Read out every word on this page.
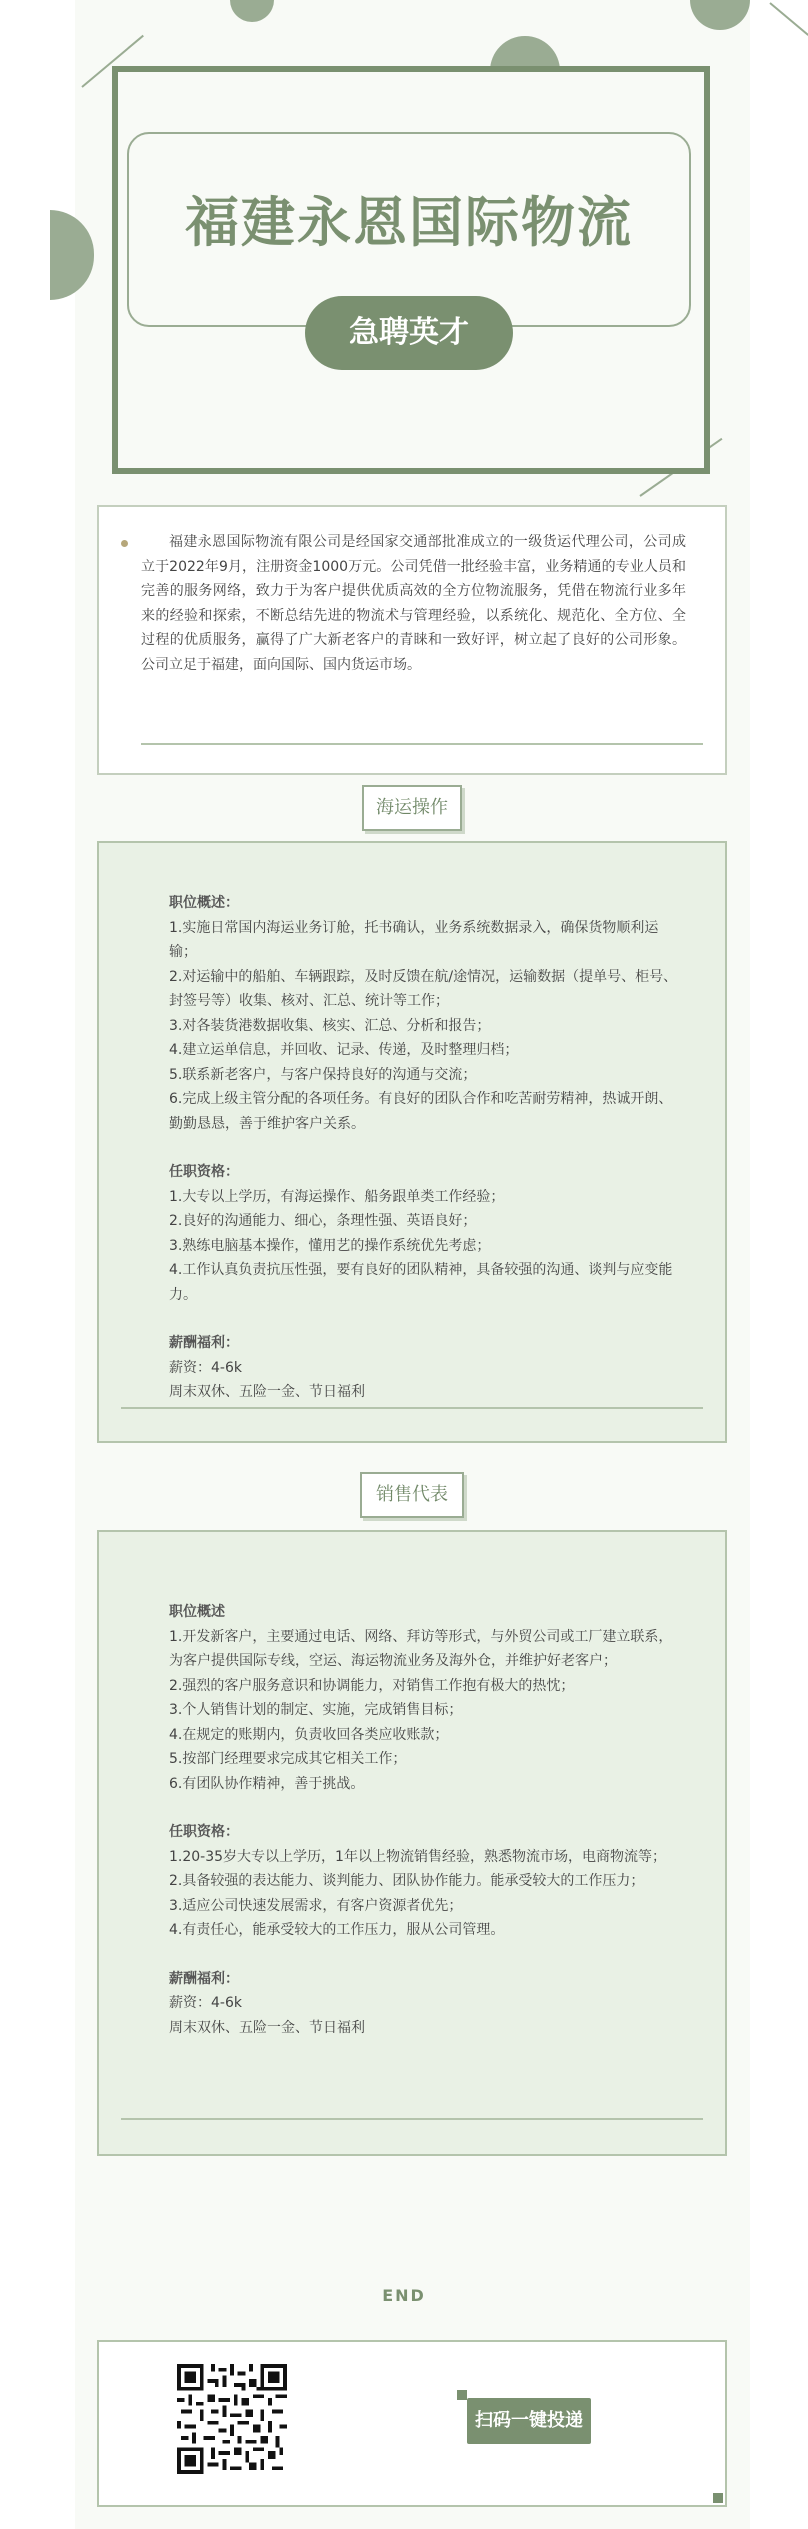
福建永恩国际物流
急聘英才
福建永恩国际物流有限公司是经国家交通部批准成立的一级货运代理公司，公司成立于2022年9月，注册资金1000万元。公司凭借一批经验丰富，业务精通的专业人员和完善的服务网络，致力于为客户提供优质高效的全方位物流服务，凭借在物流行业多年来的经验和探索，不断总结先进的物流术与管理经验，以系统化、规范化、全方位、全过程的优质服务，赢得了广大新老客户的青睐和一致好评，树立起了良好的公司形象。公司立足于福建，面向国际、国内货运市场。
海运操作
职位概述：
1.实施日常国内海运业务订舱，托书确认，业务系统数据录入，确保货物顺利运输；
2.对运输中的船舶、车辆跟踪，及时反馈在航/途情况，运输数据（提单号、柜号、封签号等）收集、核对、汇总、统计等工作；
3.对各装货港数据收集、核实、汇总、分析和报告；
4.建立运单信息，并回收、记录、传递，及时整理归档；
5.联系新老客户，与客户保持良好的沟通与交流；
6.完成上级主管分配的各项任务。有良好的团队合作和吃苦耐劳精神，热诚开朗、勤勤恳恳，善于维护客户关系。
任职资格：
1.大专以上学历，有海运操作、船务跟单类工作经验；
2.良好的沟通能力、细心，条理性强、英语良好；
3.熟练电脑基本操作，懂用艺的操作系统优先考虑；
4.工作认真负责抗压性强，要有良好的团队精神，具备较强的沟通、谈判与应变能力。
薪酬福利：
薪资：4-6k
周末双休、五险一金、节日福利
销售代表
职位概述
1.开发新客户，主要通过电话、网络、拜访等形式，与外贸公司或工厂建立联系，为客户提供国际专线，空运、海运物流业务及海外仓，并维护好老客户；
2.强烈的客户服务意识和协调能力，对销售工作抱有极大的热忱；
3.个人销售计划的制定、实施，完成销售目标；
4.在规定的账期内，负责收回各类应收账款；
5.按部门经理要求完成其它相关工作；
6.有团队协作精神，善于挑战。
任职资格：
1.20-35岁大专以上学历，1年以上物流销售经验，熟悉物流市场，电商物流等；
2.具备较强的表达能力、谈判能力、团队协作能力。能承受较大的工作压力；
3.适应公司快速发展需求，有客户资源者优先；
4.有责任心，能承受较大的工作压力，服从公司管理。
薪酬福利：
薪资：4-6k
周末双休、五险一金、节日福利
END
扫码一键投递
